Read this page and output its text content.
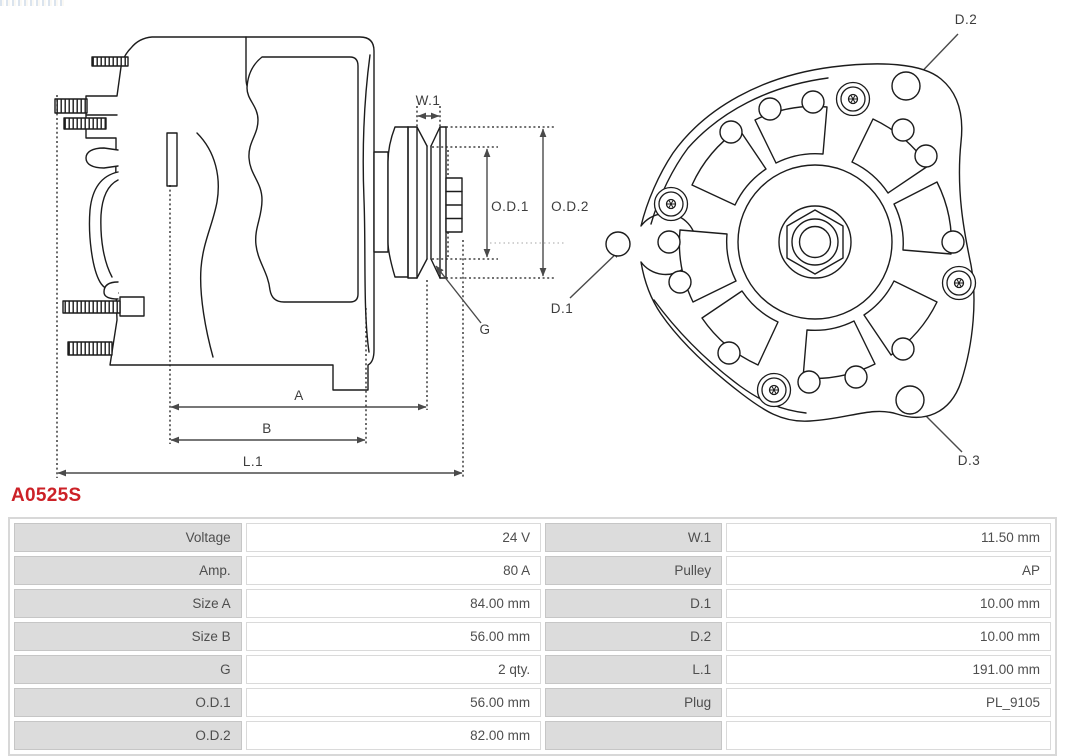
W.1
O.D.1 O.D.2
G
A
B
L.1
D.1
D.2
D.3
A0525S
Voltage	24 V	W.1	11.50 mm
Amp.	80 A	Pulley	AP
Size A	84.00 mm	D.1	10.00 mm
Size B	56.00 mm	D.2	10.00 mm
G	2 qty.	L.1	191.00 mm
O.D.1	56.00 mm	Plug	PL_9105
O.D.2	82.00 mm		
